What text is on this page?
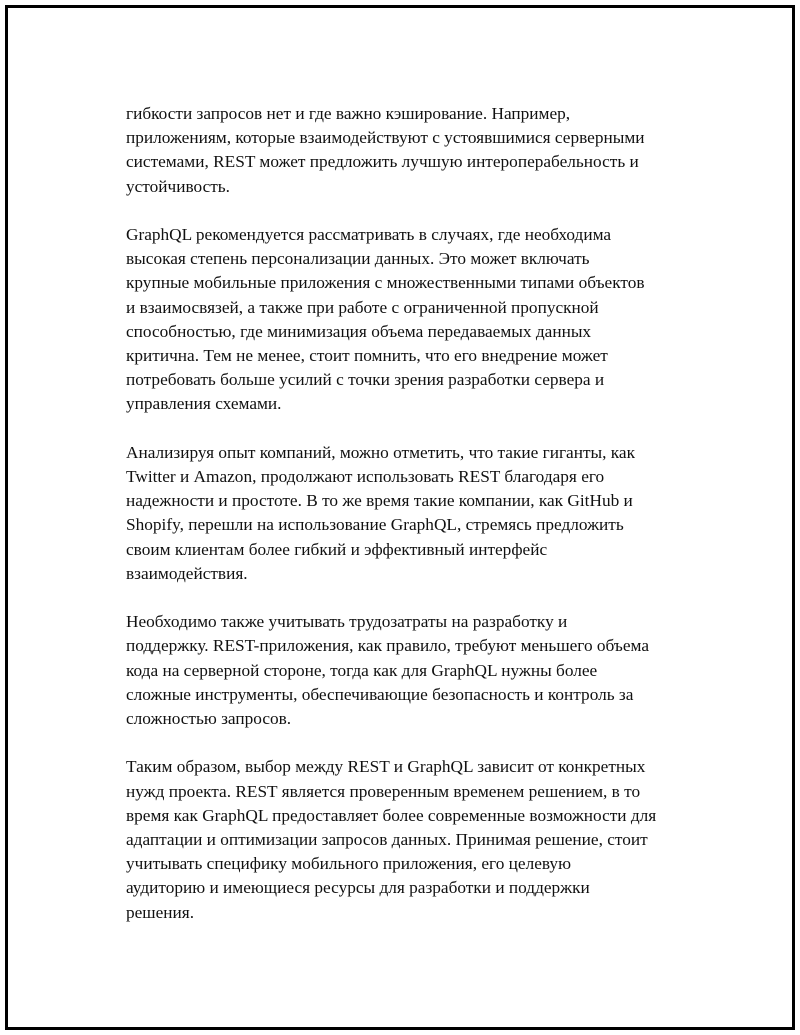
гибкости запросов нет и где важно кэширование. Например,
приложениям, которые взаимодействуют с устоявшимися серверными
системами, REST может предложить лучшую интероперабельность и
устойчивость.

GraphQL рекомендуется рассматривать в случаях, где необходима
высокая степень персонализации данных. Это может включать
крупные мобильные приложения с множественными типами объектов
и взаимосвязей, а также при работе с ограниченной пропускной
способностью, где минимизация объема передаваемых данных
критична. Тем не менее, стоит помнить, что его внедрение может
потребовать больше усилий с точки зрения разработки сервера и
управления схемами.

Анализируя опыт компаний, можно отметить, что такие гиганты, как
Twitter и Amazon, продолжают использовать REST благодаря его
надежности и простоте. В то же время такие компании, как GitHub и
Shopify, перешли на использование GraphQL, стремясь предложить
своим клиентам более гибкий и эффективный интерфейс
взаимодействия.

Необходимо также учитывать трудозатраты на разработку и
поддержку. REST-приложения, как правило, требуют меньшего объема
кода на серверной стороне, тогда как для GraphQL нужны более
сложные инструменты, обеспечивающие безопасность и контроль за
сложностью запросов.

Таким образом, выбор между REST и GraphQL зависит от конкретных
нужд проекта. REST является проверенным временем решением, в то
время как GraphQL предоставляет более современные возможности для
адаптации и оптимизации запросов данных. Принимая решение, стоит
учитывать специфику мобильного приложения, его целевую
аудиторию и имеющиеся ресурсы для разработки и поддержки
решения.
